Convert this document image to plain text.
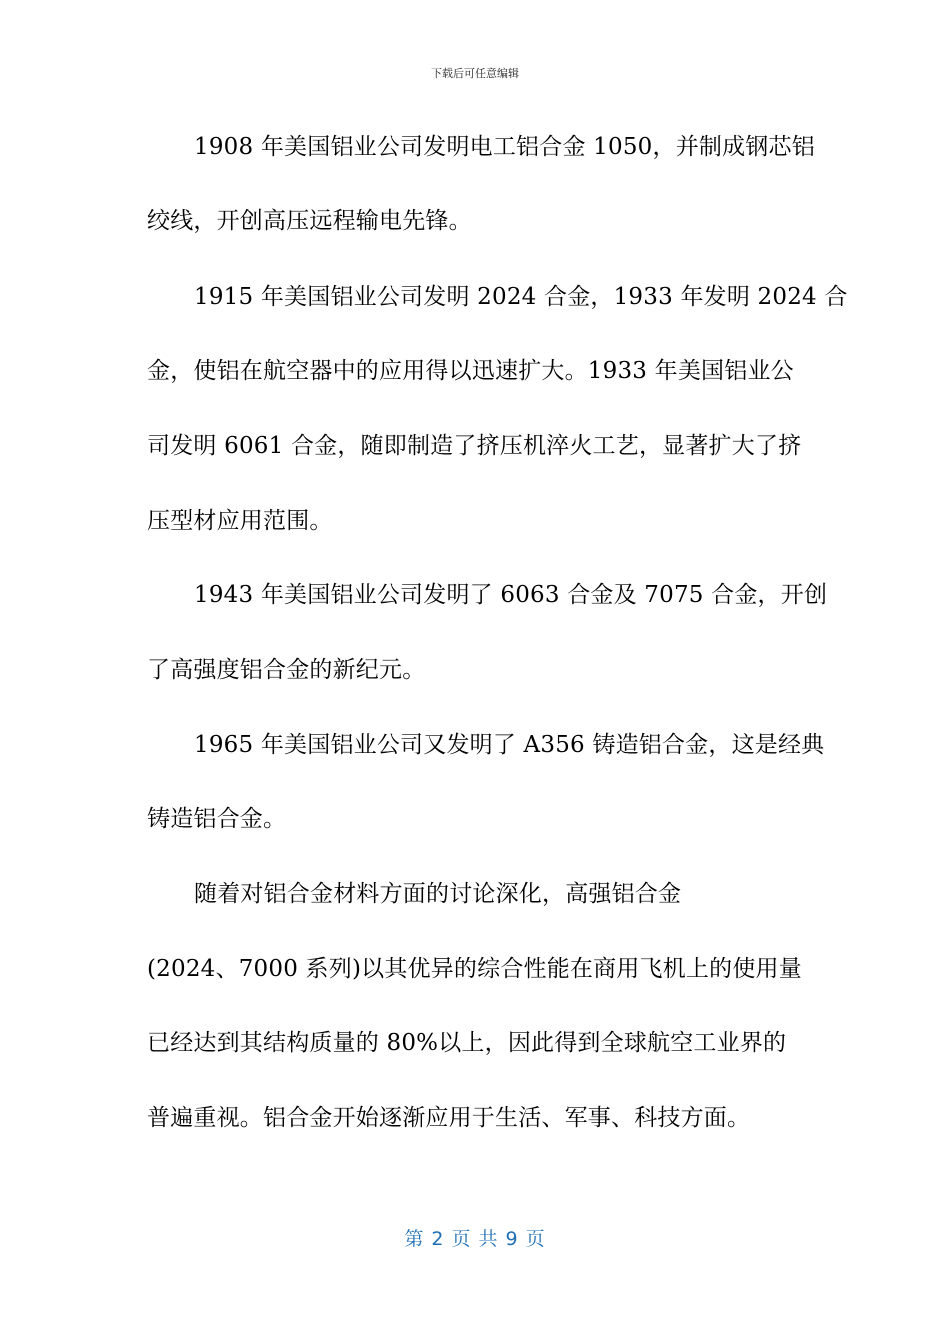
下载后可任意编辑
1908 年美国铝业公司发明电工铝合金 1050，并制成钢芯铝
绞线，开创高压远程输电先锋。
1915 年美国铝业公司发明 2024 合金，1933 年发明 2024 合
金，使铝在航空器中的应用得以迅速扩大。1933 年美国铝业公
司发明 6061 合金，随即制造了挤压机淬火工艺，显著扩大了挤
压型材应用范围。
1943 年美国铝业公司发明了 6063 合金及 7075 合金，开创
了高强度铝合金的新纪元。
1965 年美国铝业公司又发明了 A356 铸造铝合金，这是经典
铸造铝合金。
随着对铝合金材料方面的讨论深化，高强铝合金
(2024、7000 系列)以其优异的综合性能在商用飞机上的使用量
已经达到其结构质量的 80%以上，因此得到全球航空工业界的
普遍重视。铝合金开始逐渐应用于生活、军事、科技方面。
第 2 页 共 9 页
